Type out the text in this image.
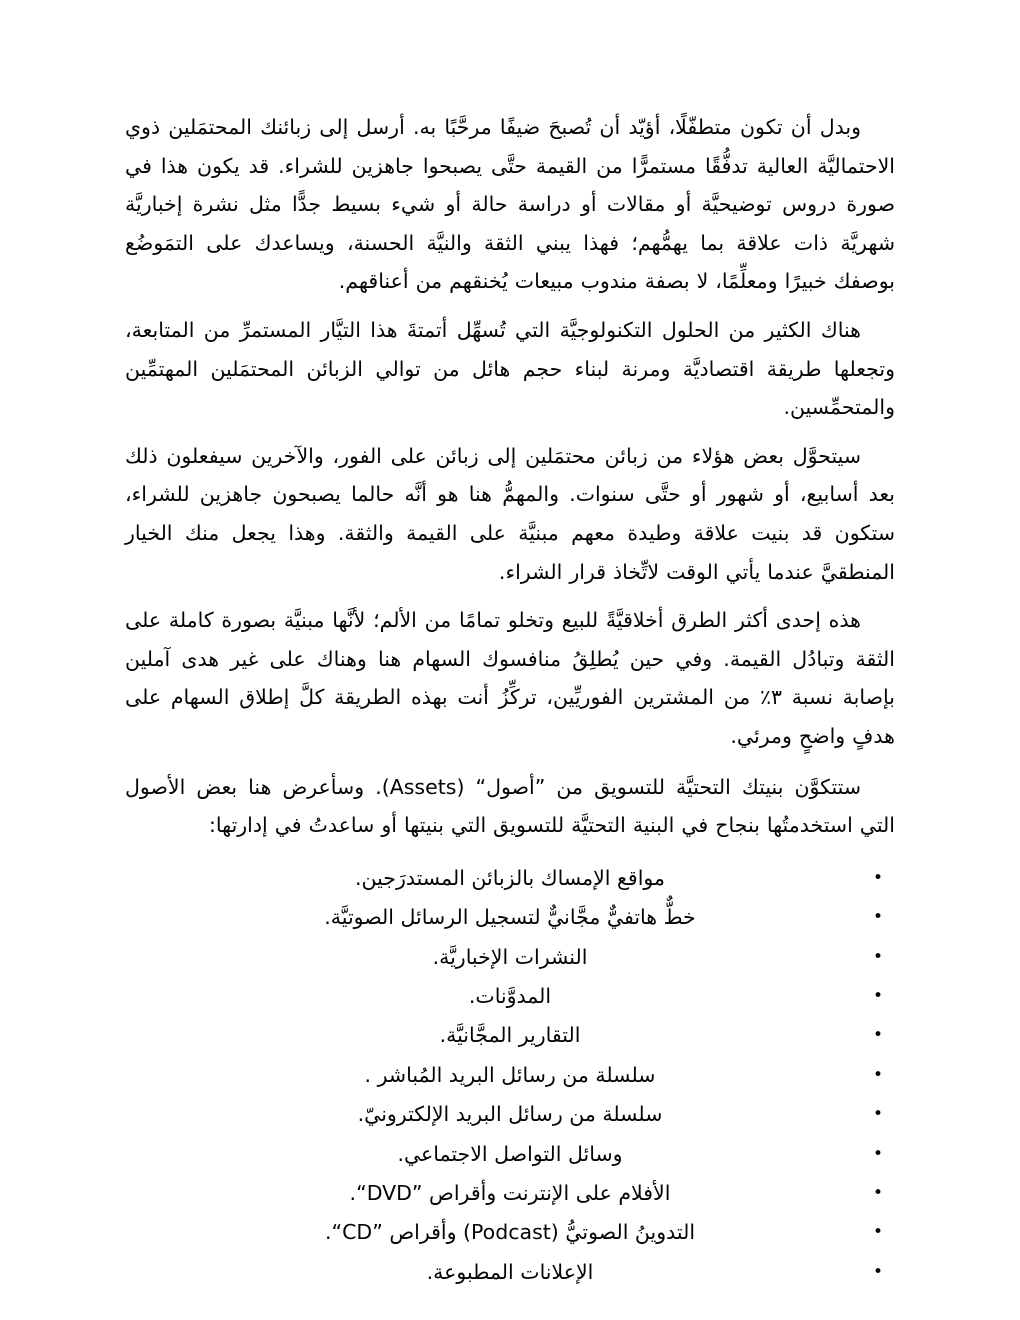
وبدل أن تكون متطفّلًا، أؤيّد أن تُصبحَ ضيفًا مرحَّبًا به. أرسل إلى زبائنك المحتمَلين ذوي الاحتماليَّة العالية تدفُّقًا مستمرًّا من القيمة حتَّى يصبحوا جاهزين للشراء. قد يكون هذا في صورة دروس توضيحيَّة أو مقالات أو دراسة حالة أو شيء بسيط جدًّا مثل نشرة إخباريَّة شهريَّة ذات علاقة بما يهمُّهم؛ فهذا يبني الثقة والنيَّة الحسنة، ويساعدك على التمَوضُع بوصفك خبيرًا ومعلِّمًا، لا بصفة مندوب مبيعات يُخنقهم من أعناقهم.

هناك الكثير من الحلول التكنولوجيَّة التي تُسهِّل أتمتةَ هذا التيَّار المستمرِّ من المتابعة، وتجعلها طريقة اقتصاديَّة ومرنة لبناء حجم هائل من توالي الزبائن المحتمَلين المهتمِّين والمتحمِّسين.

سيتحوَّل بعض هؤلاء من زبائن محتمَلين إلى زبائن على الفور، والآخرين سيفعلون ذلك بعد أسابيع، أو شهور أو حتَّى سنوات. والمهمُّ هنا هو أنَّه حالما يصبحون جاهزين للشراء، ستكون قد بنيت علاقة وطيدة معهم مبنيَّة على القيمة والثقة. وهذا يجعل منك الخيار المنطقيَّ عندما يأتي الوقت لاتِّخاذ قرار الشراء.

هذه إحدى أكثر الطرق أخلاقيَّةً للبيع وتخلو تمامًا من الألم؛ لأنَّها مبنيَّة بصورة كاملة على الثقة وتبادُل القيمة. وفي حين يُطلِقُ منافسوك السهام هنا وهناك على غير هدى آملين بإصابة نسبة ٣٪ من المشترين الفوريِّين، تركِّزُ أنت بهذه الطريقة كلَّ إطلاق السهام على هدفٍ واضحٍ ومرئي.

ستتكوَّن بنيتك التحتيَّة للتسويق من ”أصول“ (Assets). وسأعرض هنا بعض الأصول التي استخدمتُها بنجاح في البنية التحتيَّة للتسويق التي بنيتها أو ساعدتُ في إدارتها:

•
مواقع الإمساك بالزبائن المستدرَجين.
•
خطٌّ هاتفيٌّ مجَّانيٌّ لتسجيل الرسائل الصوتيَّة.
•
النشرات الإخباريَّة.
•
المدوَّنات.
•
التقارير المجَّانيَّة.
•
سلسلة من رسائل البريد المُباشر .
•
سلسلة من رسائل البريد الإلكترونيّ.
•
وسائل التواصل الاجتماعي.
•
الأفلام على الإنترنت وأقراص ”DVD“.
•
التدوينُ الصوتيُّ (Podcast) وأقراص ”CD“.
•
الإعلانات المطبوعة.
